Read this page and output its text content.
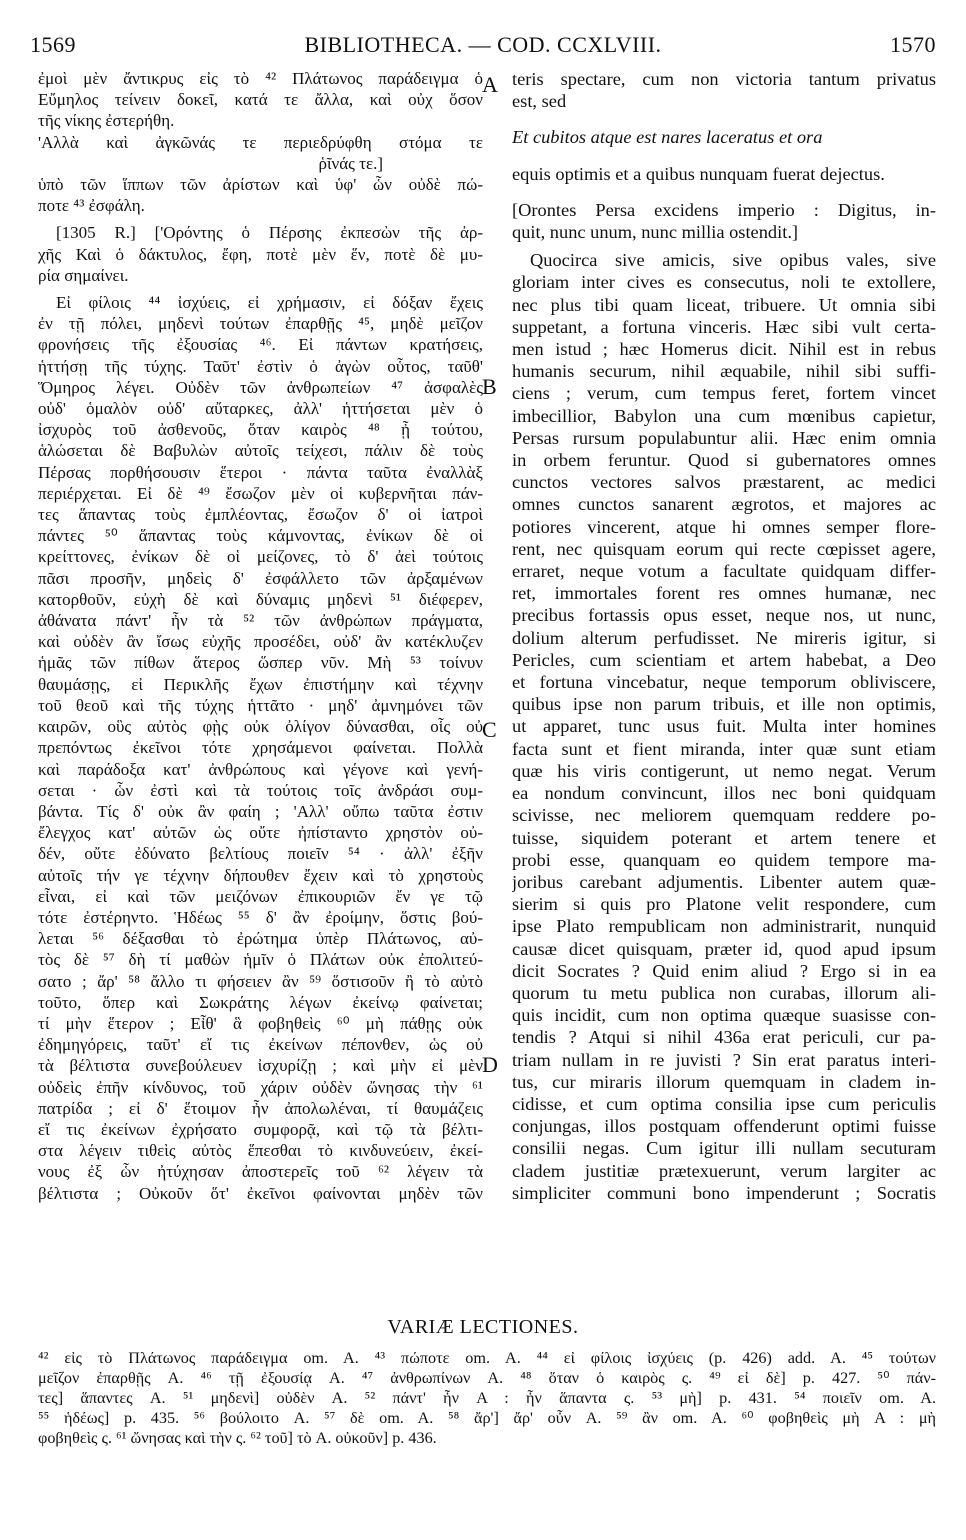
1569	BIBLIOTHECA. — COD. CCXLVIII.	1570
ἐμοὶ μὲν ἄντικρυς εἰς τὸ ⁴² Πλάτωνος παράδειγμα ὁ
Εὔμηλος τείνειν δοκεῖ, κατά τε ἄλλα, καὶ οὐχ ὅσον
τῆς νίκης ἐστερήθη.
'Αλλὰ καὶ ἀγκῶνάς τε περιεδρύφθη στόμα τε
ῥῖνάς τε.]
ὑπὸ τῶν ἵππων τῶν ἀρίστων καὶ ὑφ' ὧν οὐδὲ πώ-
ποτε ⁴³ ἐσφάλη.
[1305 R.] ['Ορόντης ὁ Πέρσης ἐκπεσὼν τῆς ἀρ-
χῆς Καὶ ὁ δάκτυλος, ἔφη, ποτὲ μὲν ἕν, ποτὲ δὲ μυ-
ρία σημαίνει.
Εἰ φίλοις ⁴⁴ ἰσχύεις, εἰ χρήμασιν, εἰ δόξαν ἔχεις
ἐν τῇ πόλει, μηδενὶ τούτων ἐπαρθῇς ⁴⁵, μηδὲ μεῖζον
φρονήσεις τῆς ἐξουσίας ⁴⁶. Εἰ πάντων κρατήσεις,
ἡττήσῃ τῆς τύχης. Ταῦτ' ἐστὶν ὁ ἀγὼν οὗτος, ταῦθ'
Ὅμηρος λέγει. Οὐδὲν τῶν ἀνθρωπείων ⁴⁷ ἀσφαλὲς
οὐδ' ὁμαλὸν οὐδ' αὔταρκες, ἀλλ' ἡττήσεται μὲν ὁ
ἰσχυρὸς τοῦ ἀσθενοῦς, ὅταν καιρὸς ⁴⁸ ᾖ τούτου,
ἁλώσεται δὲ Βαβυλὼν αὐτοῖς τείχεσι, πάλιν δὲ τοὺς
Πέρσας πορθήσουσιν ἕτεροι · πάντα ταῦτα ἐναλλὰξ
περιέρχεται. Εἰ δὲ ⁴⁹ ἔσωζον μὲν οἱ κυβερνῆται πάν-
τες ἅπαντας τοὺς ἐμπλέοντας, ἔσωζον δ' οἱ ἰατροὶ
πάντες ⁵⁰ ἅπαντας τοὺς κάμνοντας, ἐνίκων δὲ οἱ
κρείττονες, ἐνίκων δὲ οἱ μείζονες, τὸ δ' ἀεὶ τούτοις
πᾶσι προσῆν, μηδεὶς δ' ἐσφάλλετο τῶν ἀρξαμένων
κατορθοῦν, εὐχὴ δὲ καὶ δύναμις μηδενὶ ⁵¹ διέφερεν,
ἀθάνατα πάντ' ἦν τὰ ⁵² τῶν ἀνθρώπων πράγματα,
καὶ οὐδὲν ἂν ἴσως εὐχῆς προσέδει, οὐδ' ἂν κατέκλυζεν
ἡμᾶς τῶν πίθων ἅτερος ὥσπερ νῦν. Μὴ ⁵³ τοίνυν
θαυμάσῃς, εἰ Περικλῆς ἔχων ἐπιστήμην καὶ τέχνην
τοῦ θεοῦ καὶ τῆς τύχης ἡττᾶτο · μηδ' ἀμνημόνει τῶν
καιρῶν, οὓς αὐτὸς φῂς οὐκ ὀλίγον δύνασθαι, οἷς οὐ
πρεπόντως ἐκεῖνοι τότε χρησάμενοι φαίνεται. Πολλὰ
καὶ παράδοξα κατ' ἀνθρώπους καὶ γέγονε καὶ γενή-
σεται · ὧν ἐστὶ καὶ τὰ τούτοις τοῖς ἀνδράσι συμ-
βάντα. Τίς δ' οὐκ ἂν φαίη ; 'Αλλ' οὔπω ταῦτα ἐστιν
ἔλεγχος κατ' αὐτῶν ὡς οὔτε ἠπίσταντο χρηστὸν οὐ-
δέν, οὔτε ἐδύνατο βελτίους ποιεῖν ⁵⁴ · ἀλλ' ἐξῆν
αὐτοῖς τήν γε τέχνην δήπουθεν ἔχειν καὶ τὸ χρηστοὺς
εἶναι, εἰ καὶ τῶν μειζόνων ἐπικουριῶν ἔν γε τῷ
τότε ἐστέρηντο. Ἡδέως ⁵⁵ δ' ἂν ἐροίμην, ὅστις βού-
λεται ⁵⁶ δέξασθαι τὸ ἐρώτημα ὑπὲρ Πλάτωνος, αὐ-
τὸς δὲ ⁵⁷ δὴ τί μαθὼν ἡμῖν ὁ Πλάτων οὐκ ἐπολιτεύ-
σατο ; ἄρ' ⁵⁸ ἄλλο τι φήσειεν ἂν ⁵⁹ ὅστισοῦν ἢ τὸ αὐτὸ
τοῦτο, ὅπερ καὶ Σωκράτης λέγων ἐκείνῳ φαίνεται;
τί μὴν ἕτερον ; Εἶθ' ἃ φοβηθεὶς ⁶⁰ μὴ πάθῃς οὐκ
ἐδημηγόρεις, ταῦτ' εἴ τις ἐκείνων πέπονθεν, ὡς οὐ
τὰ βέλτιστα συνεβούλευεν ἰσχυρίζῃ ; καὶ μὴν εἰ μὲν
οὐδεὶς ἐπῆν κίνδυνος, τοῦ χάριν οὐδὲν ὤνησας τὴν ⁶¹
πατρίδα ; εἰ δ' ἕτοιμον ἦν ἀπολωλέναι, τί θαυμάζεις
εἴ τις ἐκείνων ἐχρήσατο συμφορᾷ, καὶ τῷ τὰ βέλτι-
στα λέγειν τιθεὶς αὐτὸς ἕπεσθαι τὸ κινδυνεύειν, ἐκεί-
νους ἐξ ὧν ἠτύχησαν ἀποστερεῖς τοῦ ⁶² λέγειν τὰ
βέλτιστα ; Οὐκοῦν ὅτ' ἐκεῖνοι φαίνονται μηδὲν τῶν
A
B
C
D
teris spectare, cum non victoria tantum privatus
est, sed
Et cubitos atque est nares laceratus et ora
equis optimis et a quibus nunquam fuerat dejectus.
[Orontes Persa excidens imperio : Digitus, in-
quit, nunc unum, nunc millia ostendit.]
Quocirca sive amicis, sive opibus vales, sive
gloriam inter cives es consecutus, noli te extollere,
nec plus tibi quam liceat, tribuere. Ut omnia sibi
suppetant, a fortuna vinceris. Hæc sibi vult certa-
men istud ; hæc Homerus dicit. Nihil est in rebus
humanis securum, nihil æquabile, nihil sibi suffi-
ciens ; verum, cum tempus feret, fortem vincet
imbecillior, Babylon una cum mœnibus capietur,
Persas rursum populabuntur alii. Hæc enim omnia
in orbem feruntur. Quod si gubernatores omnes
cunctos vectores salvos præstarent, ac medici
omnes cunctos sanarent ægrotos, et majores ac
potiores vincerent, atque hi omnes semper flore-
rent, nec quisquam eorum qui recte cœpisset agere,
erraret, neque votum a facultate quidquam differ-
ret, immortales forent res omnes humanæ, nec
precibus fortassis opus esset, neque nos, ut nunc,
dolium alterum perfudisset. Ne mireris igitur, si
Pericles, cum scientiam et artem habebat, a Deo
et fortuna vincebatur, neque temporum obliviscere,
quibus ipse non parum tribuis, et ille non optimis,
ut apparet, tunc usus fuit. Multa inter homines
facta sunt et fient miranda, inter quæ sunt etiam
quæ his viris contigerunt, ut nemo negat. Verum
ea nondum convincunt, illos nec boni quidquam
scivisse, nec meliorem quemquam reddere po-
tuisse, siquidem poterant et artem tenere et
probi esse, quanquam eo quidem tempore ma-
joribus carebant adjumentis. Libenter autem quæ-
sierim si quis pro Platone velit respondere, cum
ipse Plato rempublicam non administrarit, nunquid
causæ dicet quisquam, præter id, quod apud ipsum
dicit Socrates ? Quid enim aliud ? Ergo si in ea
quorum tu metu publica non curabas, illorum ali-
quis incidit, cum non optima quæque suasisse con-
tendis ? Atqui si nihil 436a erat periculi, cur pa-
triam nullam in re juvisti ? Sin erat paratus interi-
tus, cur miraris illorum quemquam in cladem in-
cidisse, et cum optima consilia ipse cum periculis
conjungas, illos postquam offenderunt optimi fuisse
consilii negas. Cum igitur illi nullam secuturam
cladem justitiæ prætexuerunt, verum largiter ac
simpliciter communi bono impenderunt ; Socratis
VARIÆ LECTIONES.
⁴² εἰς τὸ Πλάτωνος παράδειγμα om. A. ⁴³ πώποτε om. A. ⁴⁴ εἰ φίλοις ἰσχύεις (p. 426) add. A. ⁴⁵ τούτων
μεῖζον ἐπαρθῇς A. ⁴⁶ τῇ ἐξουσίᾳ A. ⁴⁷ ἀνθρωπίνων A. ⁴⁸ ὅταν ὁ καιρὸς ς. ⁴⁹ εἰ δὲ] p. 427. ⁵⁰ πάν-
τες] ἅπαντες A. ⁵¹ μηδενὶ] οὐδὲν A. ⁵² πάντ' ἦν A : ἦν ἅπαντα ς. ⁵³ μὴ] p. 431. ⁵⁴ ποιεῖν om. A.
⁵⁵ ἡδέως] p. 435. ⁵⁶ βούλοιτο A. ⁵⁷ δὲ om. A. ⁵⁸ ἄρ'] ἄρ' οὖν A. ⁵⁹ ἂν om. A. ⁶⁰ φοβηθεὶς μὴ A : μὴ
φοβηθεὶς ς. ⁶¹ ὤνησας καὶ τὴν ς. ⁶² τοῦ] τὸ A. οὐκοῦν] p. 436.
